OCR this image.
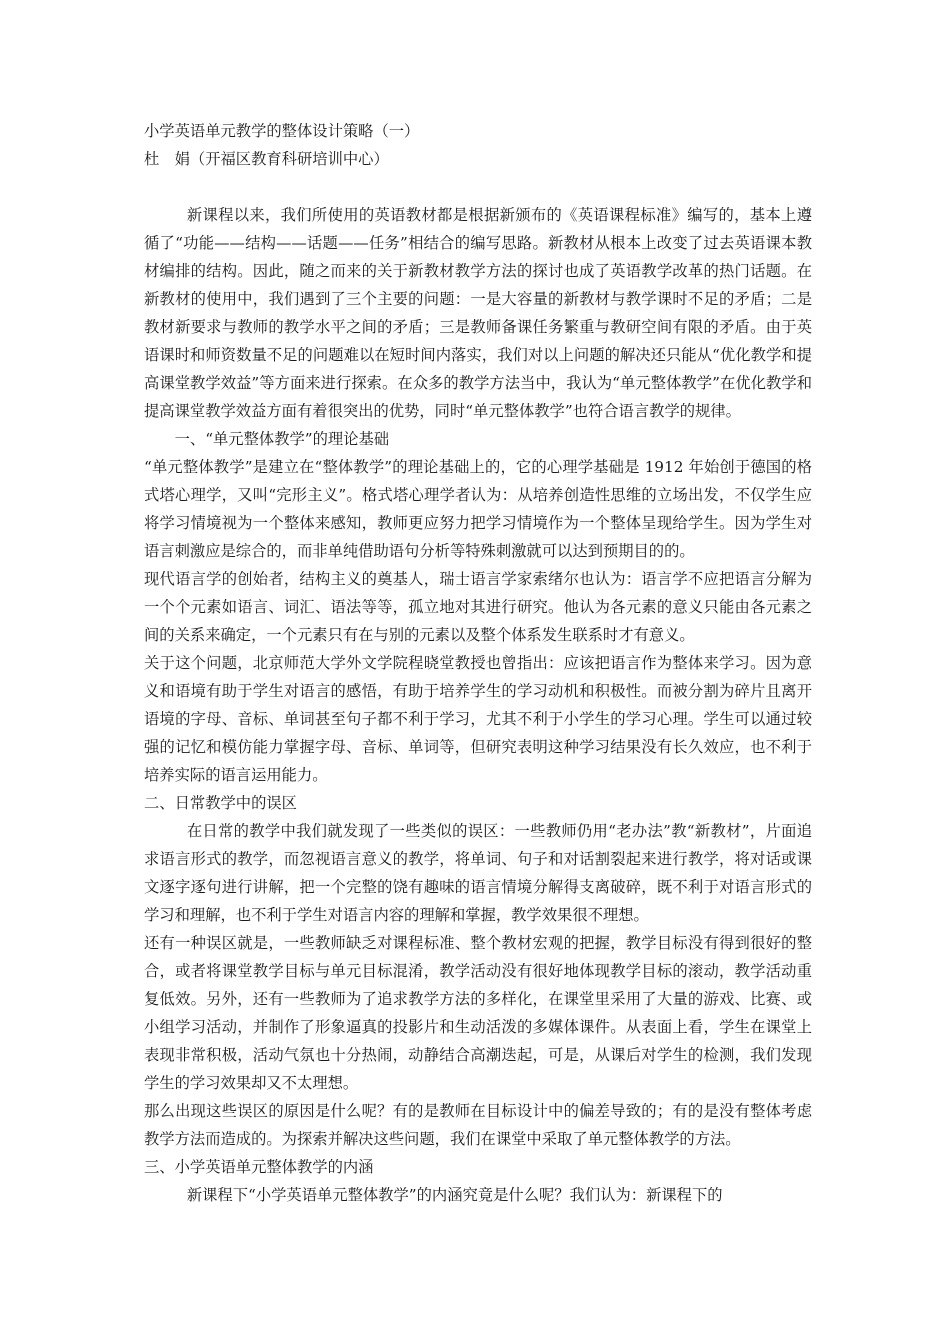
小学英语单元教学的整体设计策略（一）
杜　娟（开福区教育科研培训中心）

新课程以来，我们所使用的英语教材都是根据新颁布的《英语课程标准》编写的，基本上遵循了“功能——结构——话题——任务”相结合的编写思路。新教材从根本上改变了过去英语课本教材编排的结构。因此，随之而来的关于新教材教学方法的探讨也成了英语教学改革的热门话题。在新教材的使用中，我们遇到了三个主要的问题：一是大容量的新教材与教学课时不足的矛盾；二是教材新要求与教师的教学水平之间的矛盾；三是教师备课任务繁重与教研空间有限的矛盾。由于英语课时和师资数量不足的问题难以在短时间内落实，我们对以上问题的解决还只能从“优化教学和提高课堂教学效益”等方面来进行探索。在众多的教学方法当中，我认为“单元整体教学”在优化教学和提高课堂教学效益方面有着很突出的优势，同时“单元整体教学”也符合语言教学的规律。

一、“单元整体教学”的理论基础

“单元整体教学”是建立在“整体教学”的理论基础上的，它的心理学基础是 1912 年始创于德国的格式塔心理学，又叫“完形主义”。格式塔心理学者认为：从培养创造性思维的立场出发，不仅学生应将学习情境视为一个整体来感知，教师更应努力把学习情境作为一个整体呈现给学生。因为学生对语言刺激应是综合的，而非单纯借助语句分析等特殊刺激就可以达到预期目的的。

现代语言学的创始者，结构主义的奠基人，瑞士语言学家索绪尔也认为：语言学不应把语言分解为一个个元素如语言、词汇、语法等等，孤立地对其进行研究。他认为各元素的意义只能由各元素之间的关系来确定，一个元素只有在与别的元素以及整个体系发生联系时才有意义。

关于这个问题，北京师范大学外文学院程晓堂教授也曾指出：应该把语言作为整体来学习。因为意义和语境有助于学生对语言的感悟，有助于培养学生的学习动机和积极性。而被分割为碎片且离开语境的字母、音标、单词甚至句子都不利于学习，尤其不利于小学生的学习心理。学生可以通过较强的记忆和模仿能力掌握字母、音标、单词等，但研究表明这种学习结果没有长久效应，也不利于培养实际的语言运用能力。

二、日常教学中的误区

在日常的教学中我们就发现了一些类似的误区：一些教师仍用“老办法”教“新教材”，片面追求语言形式的教学，而忽视语言意义的教学，将单词、句子和对话割裂起来进行教学，将对话或课文逐字逐句进行讲解，把一个完整的饶有趣味的语言情境分解得支离破碎，既不利于对语言形式的学习和理解，也不利于学生对语言内容的理解和掌握，教学效果很不理想。

还有一种误区就是，一些教师缺乏对课程标准、整个教材宏观的把握，教学目标没有得到很好的整合，或者将课堂教学目标与单元目标混淆，教学活动没有很好地体现教学目标的滚动，教学活动重复低效。另外，还有一些教师为了追求教学方法的多样化，在课堂里采用了大量的游戏、比赛、或小组学习活动，并制作了形象逼真的投影片和生动活泼的多媒体课件。从表面上看，学生在课堂上表现非常积极，活动气氛也十分热闹，动静结合高潮迭起，可是，从课后对学生的检测，我们发现学生的学习效果却又不太理想。

那么出现这些误区的原因是什么呢？有的是教师在目标设计中的偏差导致的；有的是没有整体考虑教学方法而造成的。为探索并解决这些问题，我们在课堂中采取了单元整体教学的方法。

三、小学英语单元整体教学的内涵

新课程下“小学英语单元整体教学”的内涵究竟是什么呢？我们认为：新课程下的
